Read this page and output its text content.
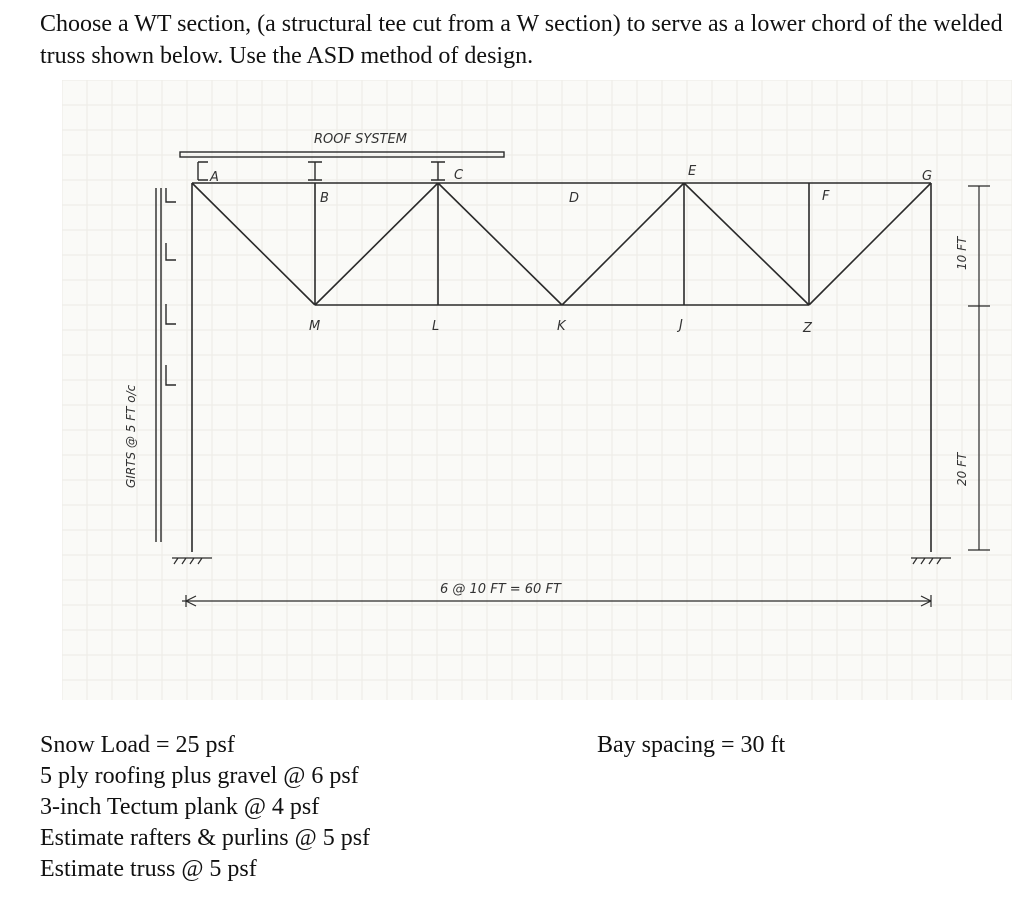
Choose a WT section, (a structural tee cut from a W section) to serve as a lower chord of the welded truss shown below. Use the ASD method of design.

ROOF SYSTEM
GIRTS @ 5 FT o/c
A
B
C
D
E
F
G
M	L	K	J	Z
6 @ 10 FT = 60 FT
10 FT
20 FT
Snow Load = 25 psf
5 ply roofing plus gravel @ 6 psf
3-inch Tectum plank @ 4 psf
Estimate rafters & purlins @ 5 psf
Estimate truss @ 5 psf
Bay spacing = 30 ft
